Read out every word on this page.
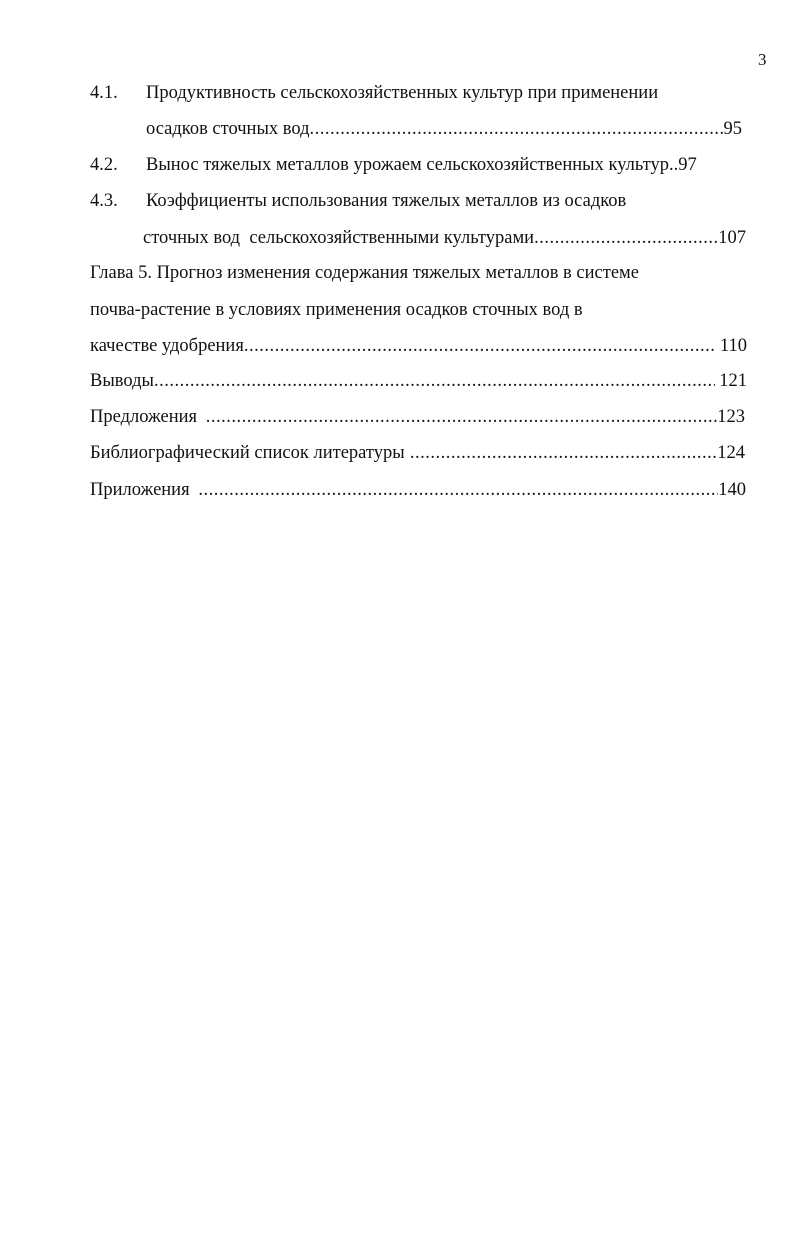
3
4.1. Продуктивность сельскохозяйственных культур при применении
осадков сточных вод .....	95
4.2. Вынос тяжелых металлов урожаем сельскохозяйственных культур..97
4.3. Коэффициенты использования тяжелых металлов из осадков
сточных вод  сельскохозяйственными культурами .....	107
Глава 5. Прогноз изменения содержания тяжелых металлов в системе
почва-растение в условиях применения осадков сточных вод в
качестве удобрения .....	110
Выводы .....	121
Предложения .....	123
Библиографический список литературы .....	124
Приложения .....	140
